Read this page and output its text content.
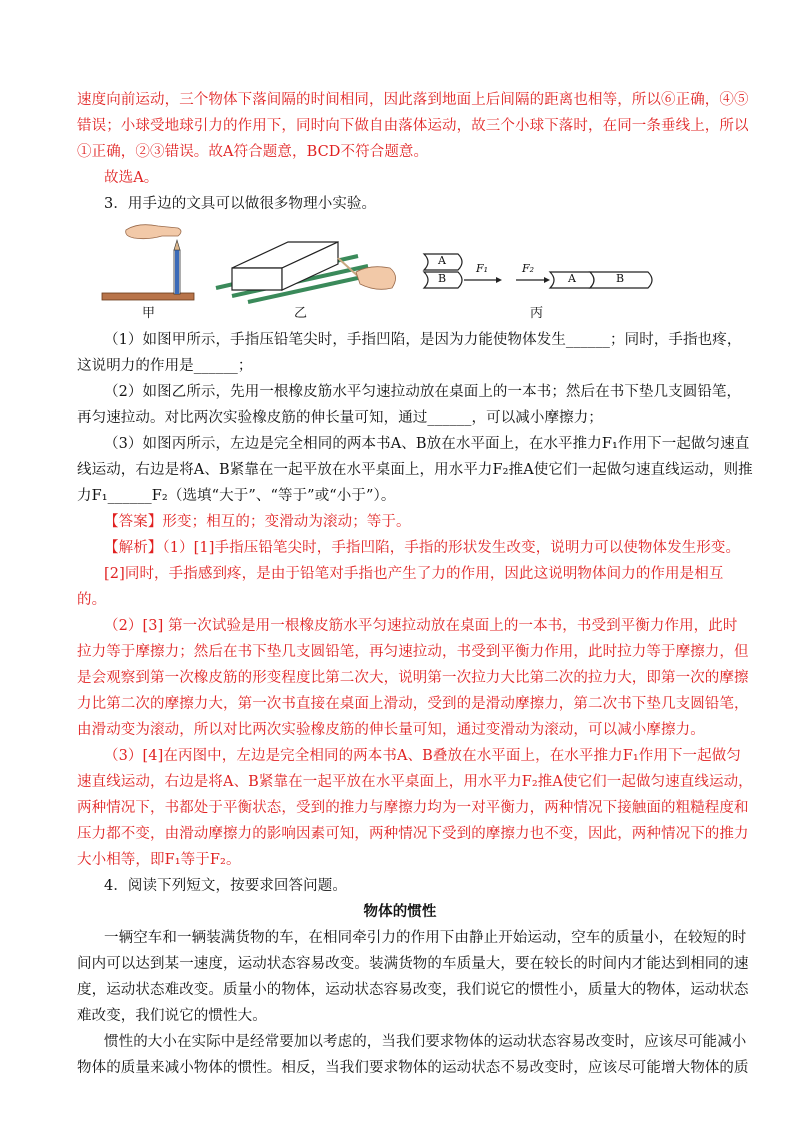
速度向前运动，三个物体下落间隔的时间相同，因此落到地面上后间隔的距离也相等，所以⑥正确，④⑤
错误；小球受地球引力的作用下，同时向下做自由落体运动，故三个小球下落时，在同一条垂线上，所以
①正确，②③错误。故A符合题意，BCD不符合题意。
故选A。
3．用手边的文具可以做很多物理小实验。
甲	乙	丙
A
B
F₁	F₂
A	B
（1）如图甲所示，手指压铅笔尖时，手指凹陷，是因为力能使物体发生______；同时，手指也疼，
这说明力的作用是______；
（2）如图乙所示，先用一根橡皮筋水平匀速拉动放在桌面上的一本书；然后在书下垫几支圆铅笔，
再匀速拉动。对比两次实验橡皮筋的伸长量可知，通过______，可以减小摩擦力；
（3）如图丙所示，左边是完全相同的两本书A、B放在水平面上，在水平推力F₁作用下一起做匀速直
线运动，右边是将A、B紧靠在一起平放在水平桌面上，用水平力F₂推A使它们一起做匀速直线运动，则推
力F₁______F₂（选填“大于”、“等于”或“小于”）。
【答案】形变；相互的；变滑动为滚动；等于。
【解析】（1）[1]手指压铅笔尖时，手指凹陷，手指的形状发生改变，说明力可以使物体发生形变。
[2]同时，手指感到疼，是由于铅笔对手指也产生了力的作用，因此这说明物体间力的作用是相互
的。
（2）[3] 第一次试验是用一根橡皮筋水平匀速拉动放在桌面上的一本书，书受到平衡力作用，此时
拉力等于摩擦力；然后在书下垫几支圆铅笔，再匀速拉动，书受到平衡力作用，此时拉力等于摩擦力，但
是会观察到第一次橡皮筋的形变程度比第二次大，说明第一次拉力大比第二次的拉力大，即第一次的摩擦
力比第二次的摩擦力大，第一次书直接在桌面上滑动，受到的是滑动摩擦力，第二次书下垫几支圆铅笔，
由滑动变为滚动，所以对比两次实验橡皮筋的伸长量可知，通过变滑动为滚动，可以减小摩擦力。
（3）[4]在丙图中，左边是完全相同的两本书A、B叠放在水平面上，在水平推力F₁作用下一起做匀
速直线运动，右边是将A、B紧靠在一起平放在水平桌面上，用水平力F₂推A使它们一起做匀速直线运动，
两种情况下，书都处于平衡状态，受到的推力与摩擦力均为一对平衡力，两种情况下接触面的粗糙程度和
压力都不变，由滑动摩擦力的影响因素可知，两种情况下受到的摩擦力也不变，因此，两种情况下的推力
大小相等，即F₁等于F₂。
4．阅读下列短文，按要求回答问题。
物体的惯性
一辆空车和一辆装满货物的车，在相同牵引力的作用下由静止开始运动，空车的质量小，在较短的时
间内可以达到某一速度，运动状态容易改变。装满货物的车质量大，要在较长的时间内才能达到相同的速
度，运动状态难改变。质量小的物体，运动状态容易改变，我们说它的惯性小，质量大的物体，运动状态
难改变，我们说它的惯性大。
惯性的大小在实际中是经常要加以考虑的，当我们要求物体的运动状态容易改变时，应该尽可能减小
物体的质量来减小物体的惯性。相反，当我们要求物体的运动状态不易改变时，应该尽可能增大物体的质
